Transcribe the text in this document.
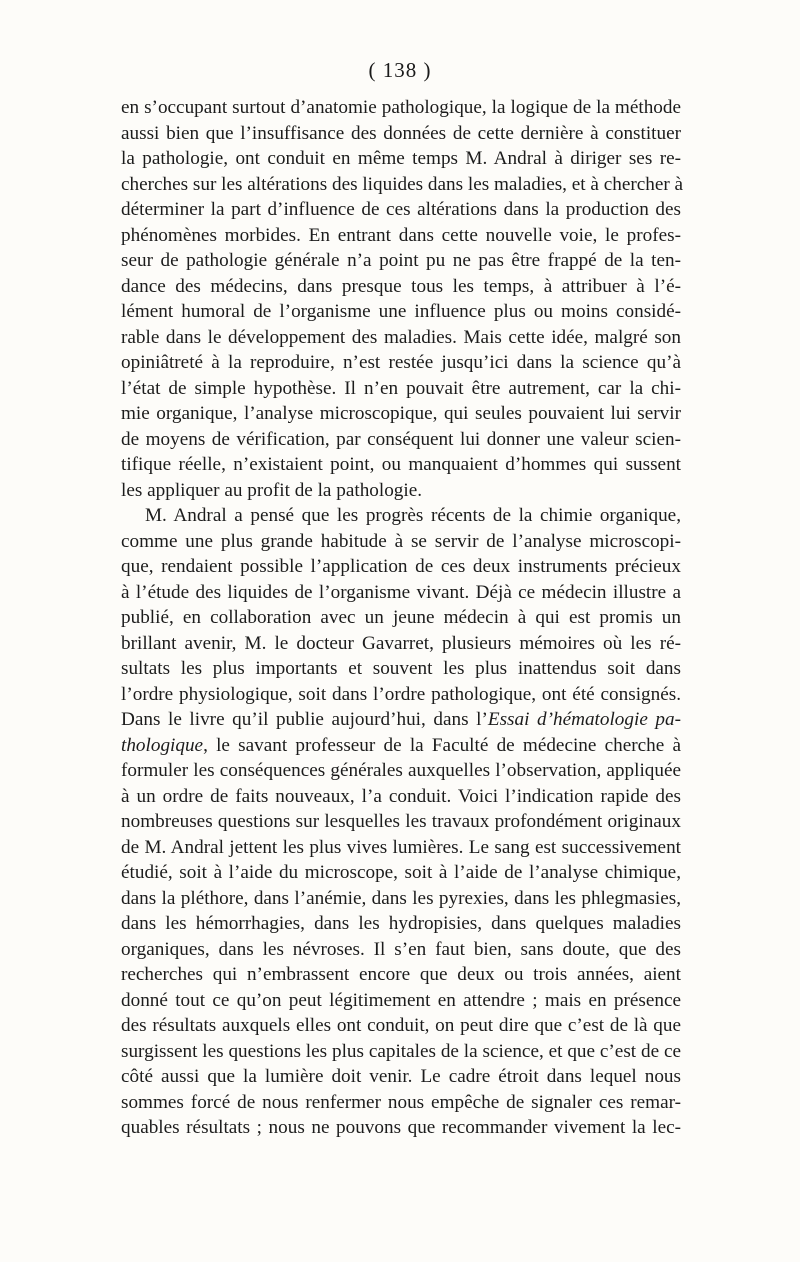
( 138 )
en s’occupant surtout d’anatomie pathologique, la logique de la méthode
aussi bien que l’insuffisance des données de cette dernière à constituer
la pathologie, ont conduit en même temps M. Andral à diriger ses re-
cherches sur les altérations des liquides dans les maladies, et à chercher à
déterminer la part d’influence de ces altérations dans la production des
phénomènes morbides. En entrant dans cette nouvelle voie, le profes-
seur de pathologie générale n’a point pu ne pas être frappé de la ten-
dance des médecins, dans presque tous les temps, à attribuer à l’é-
lément humoral de l’organisme une influence plus ou moins considé-
rable dans le développement des maladies. Mais cette idée, malgré son
opiniâtreté à la reproduire, n’est restée jusqu’ici dans la science qu’à
l’état de simple hypothèse. Il n’en pouvait être autrement, car la chi-
mie organique, l’analyse microscopique, qui seules pouvaient lui servir
de moyens de vérification, par conséquent lui donner une valeur scien-
tifique réelle, n’existaient point, ou manquaient d’hommes qui sussent
les appliquer au profit de la pathologie.
M. Andral a pensé que les progrès récents de la chimie organique,
comme une plus grande habitude à se servir de l’analyse microscopi-
que, rendaient possible l’application de ces deux instruments précieux
à l’étude des liquides de l’organisme vivant. Déjà ce médecin illustre a
publié, en collaboration avec un jeune médecin à qui est promis un
brillant avenir, M. le docteur Gavarret, plusieurs mémoires où les ré-
sultats les plus importants et souvent les plus inattendus soit dans
l’ordre physiologique, soit dans l’ordre pathologique, ont été consignés.
Dans le livre qu’il publie aujourd’hui, dans l’Essai d’hématologie pa-
thologique, le savant professeur de la Faculté de médecine cherche à
formuler les conséquences générales auxquelles l’observation, appliquée
à un ordre de faits nouveaux, l’a conduit. Voici l’indication rapide des
nombreuses questions sur lesquelles les travaux profondément originaux
de M. Andral jettent les plus vives lumières. Le sang est successivement
étudié, soit à l’aide du microscope, soit à l’aide de l’analyse chimique,
dans la pléthore, dans l’anémie, dans les pyrexies, dans les phlegmasies,
dans les hémorrhagies, dans les hydropisies, dans quelques maladies
organiques, dans les névroses. Il s’en faut bien, sans doute, que des
recherches qui n’embrassent encore que deux ou trois années, aient
donné tout ce qu’on peut légitimement en attendre ; mais en présence
des résultats auxquels elles ont conduit, on peut dire que c’est de là que
surgissent les questions les plus capitales de la science, et que c’est de ce
côté aussi que la lumière doit venir. Le cadre étroit dans lequel nous
sommes forcé de nous renfermer nous empêche de signaler ces remar-
quables résultats ; nous ne pouvons que recommander vivement la lec-
